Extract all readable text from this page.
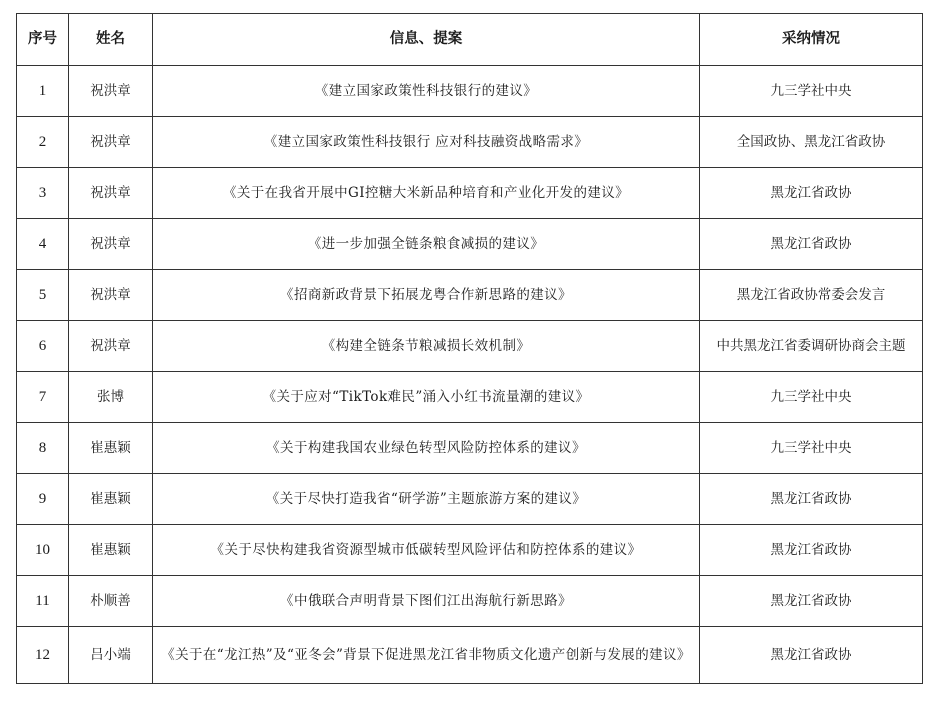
序号	姓名	信息、提案	采纳情况
1	祝洪章	《建立国家政策性科技银行的建议》	九三学社中央
2	祝洪章	《建立国家政策性科技银行 应对科技融资战略需求》	全国政协、黑龙江省政协
3	祝洪章	《关于在我省开展中GI控糖大米新品种培育和产业化开发的建议》	黑龙江省政协
4	祝洪章	《进一步加强全链条粮食减损的建议》	黑龙江省政协
5	祝洪章	《招商新政背景下拓展龙粤合作新思路的建议》	黑龙江省政协常委会发言
6	祝洪章	《构建全链条节粮减损长效机制》	中共黑龙江省委调研协商会主题
7	张博	《关于应对“TikTok难民”涌入小红书流量潮的建议》	九三学社中央
8	崔惠颖	《关于构建我国农业绿色转型风险防控体系的建议》	九三学社中央
9	崔惠颖	《关于尽快打造我省“研学游”主题旅游方案的建议》	黑龙江省政协
10	崔惠颖	《关于尽快构建我省资源型城市低碳转型风险评估和防控体系的建议》	黑龙江省政协
11	朴顺善	《中俄联合声明背景下图们江出海航行新思路》	黑龙江省政协
12	吕小端	《关于在“龙江热”及“亚冬会”背景下促进黑龙江省非物质文化遗产创新与发展的建议》	黑龙江省政协
